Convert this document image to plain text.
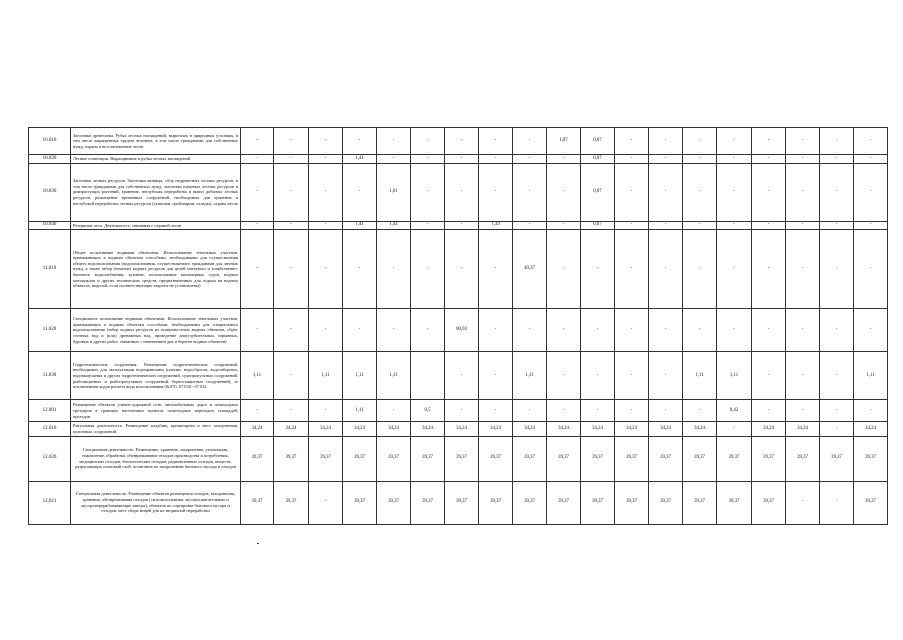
10.010	Заготовка древесины. Рубка лесных насаждений, выросших в природных условиях, в том числе выращенных трудом человека, в том числе гражданами для собственных нужд, охрана и восстановление лесов	-	-	-	-	-	-	-	-	-	1,87	0,87	-	-	-	-	-	-	-	-
10.020	Лесные плантации. Выращивание и рубка лесных насаждений	-	-	-	1,41	-	-	-	-	-	-	0,87	-	-	-	-	-	-	-	-
10.030	Заготовка лесных ресурсов. Заготовка живицы, сбор недревесных лесных ресурсов, в том числе гражданами для собственных нужд, заготовка пищевых лесных ресурсов и дикорастущих растений, хранение, неглубокая переработка и вывоз добытых лесных ресурсов, размещение временных сооружений, необходимых для хранения и неглубокой переработки лесных ресурсов (сушилки, грибоварни, склады), охрана лесов	-	-	-	-	1,61	-	-	-	-	-	0,87	-	-	-	-	-	-	-	-
10.040	Резервные леса. Деятельность, связанная с охраной лесов	-	-	-	1,41	1,44	-	-	1,39	-	-	0,87	-	-	-	-	-	-	-	-
11.010	Общее пользование водными объектами. Использование земельных участков, примыкающих к водным объектам способами, необходимыми для осуществления общего водопользования (водопользования, осуществляемого гражданами для личных нужд, а также забор (изъятие) водных ресурсов для целей питьевого и хозяйственно-бытового водоснабжения, купание, использование маломерных судов, водных мотоциклов и других технических средств, предназначенных для отдыха на водных объектах, водопой, если соответствующие запреты не установлены)	-	-	-	-	-	-	-	-	40,37	-	-	-	-	-	-	-	-	-	-
11.020	Специальное пользование водными объектами. Использование земельных участков, примыкающих к водным объектам способами, необходимыми для специального водопользования (забор водных ресурсов из поверхностных водных объектов, сброс сточных вод и (или) дренажных вод, проведение дноуглубительных, взрывных, буровых и других работ, связанных с изменением дна и берегов водных объектов)	-	-	-	-	-	-	80,93	-	-	-	-	-	-	-	-	-	-	-	-
11.030	Гидротехнические сооружения. Размещение гидротехнических сооружений, необходимых для эксплуатации водохранилищ (плотин, водосбросов, водозаборных, водовыпускных и других гидротехнических сооружений, судопропускных сооружений, рыбозащитных и рыбопропускных сооружений, берегозащитных сооружений), за исключением кодов расчета вида использования 06.070, 07.030 - 07.032	1,11	-	1,11	1,11	1,11		-	-	1,11	-	-	-	-	1,11	1,11	-	-	-	1,11
12.001	Размещение объектов улично-дорожной сети, автомобильных дорог и пешеходных тротуаров в границах населенных пунктов, пешеходных переходов, площадей, проездов	-	-	-	1,11	-	0,5	-	-	-	-	-	-	-	-	0,42	-	-	-	-
12.010	Ритуальная деятельность. Размещение кладбищ, крематориев и мест захоронения, культовых сооружений	34,24	34,24	34,24	34,24	34,24	34,24	34,24	34,24	34,24	34,24	34,24	34,24	34,24	34,24	-	34,24	34,24	-	34,24
12.020	Специальная деятельность. Размещение, хранение, захоронение, утилизация, накопление, обработка, обезвреживание отходов производства и потребления, медицинских отходов, биологических отходов, радиоактивных отходов, веществ, разрушающих озоновый слой, полигонов по захоронению бытового мусора и отходов	39,37	39,37	39,37	39,37	39,37	39,37	39,37	39,37	39,37	39,37	39,37	39,37	39,37	39,37	39,37	39,37	39,37	39,37	39,37
12.021	Специальная деятельность. Размещение объектов размещения отходов, захоронения, хранения, обезвреживания отходов (скотомогильники, мусоросжигательные и мусороперерабатывающие заводы), объектов по сортировке бытового мусора и отходов, мест сбора вещей для их вторичной переработки	39,37	39,37	-	39,37	39,37	39,37	39,37	39,37	39,37	39,37	39,37	39,37	39,37	39,37	39,37	39,37	-	-	39,37
